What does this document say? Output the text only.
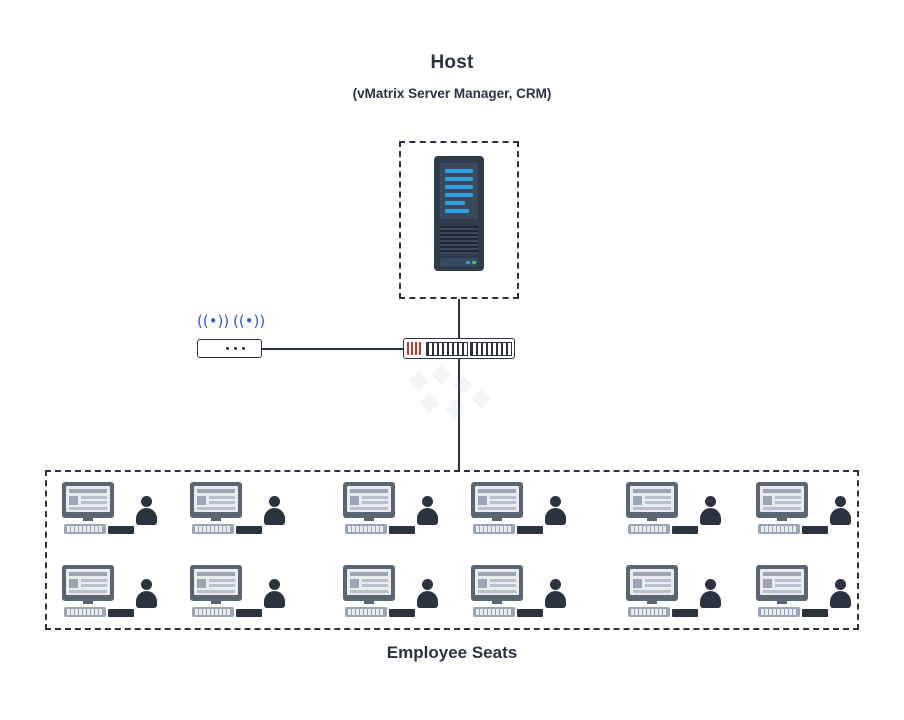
Host
(vMatrix Server Manager, CRM)
((•)) ((•))
Employee Seats
